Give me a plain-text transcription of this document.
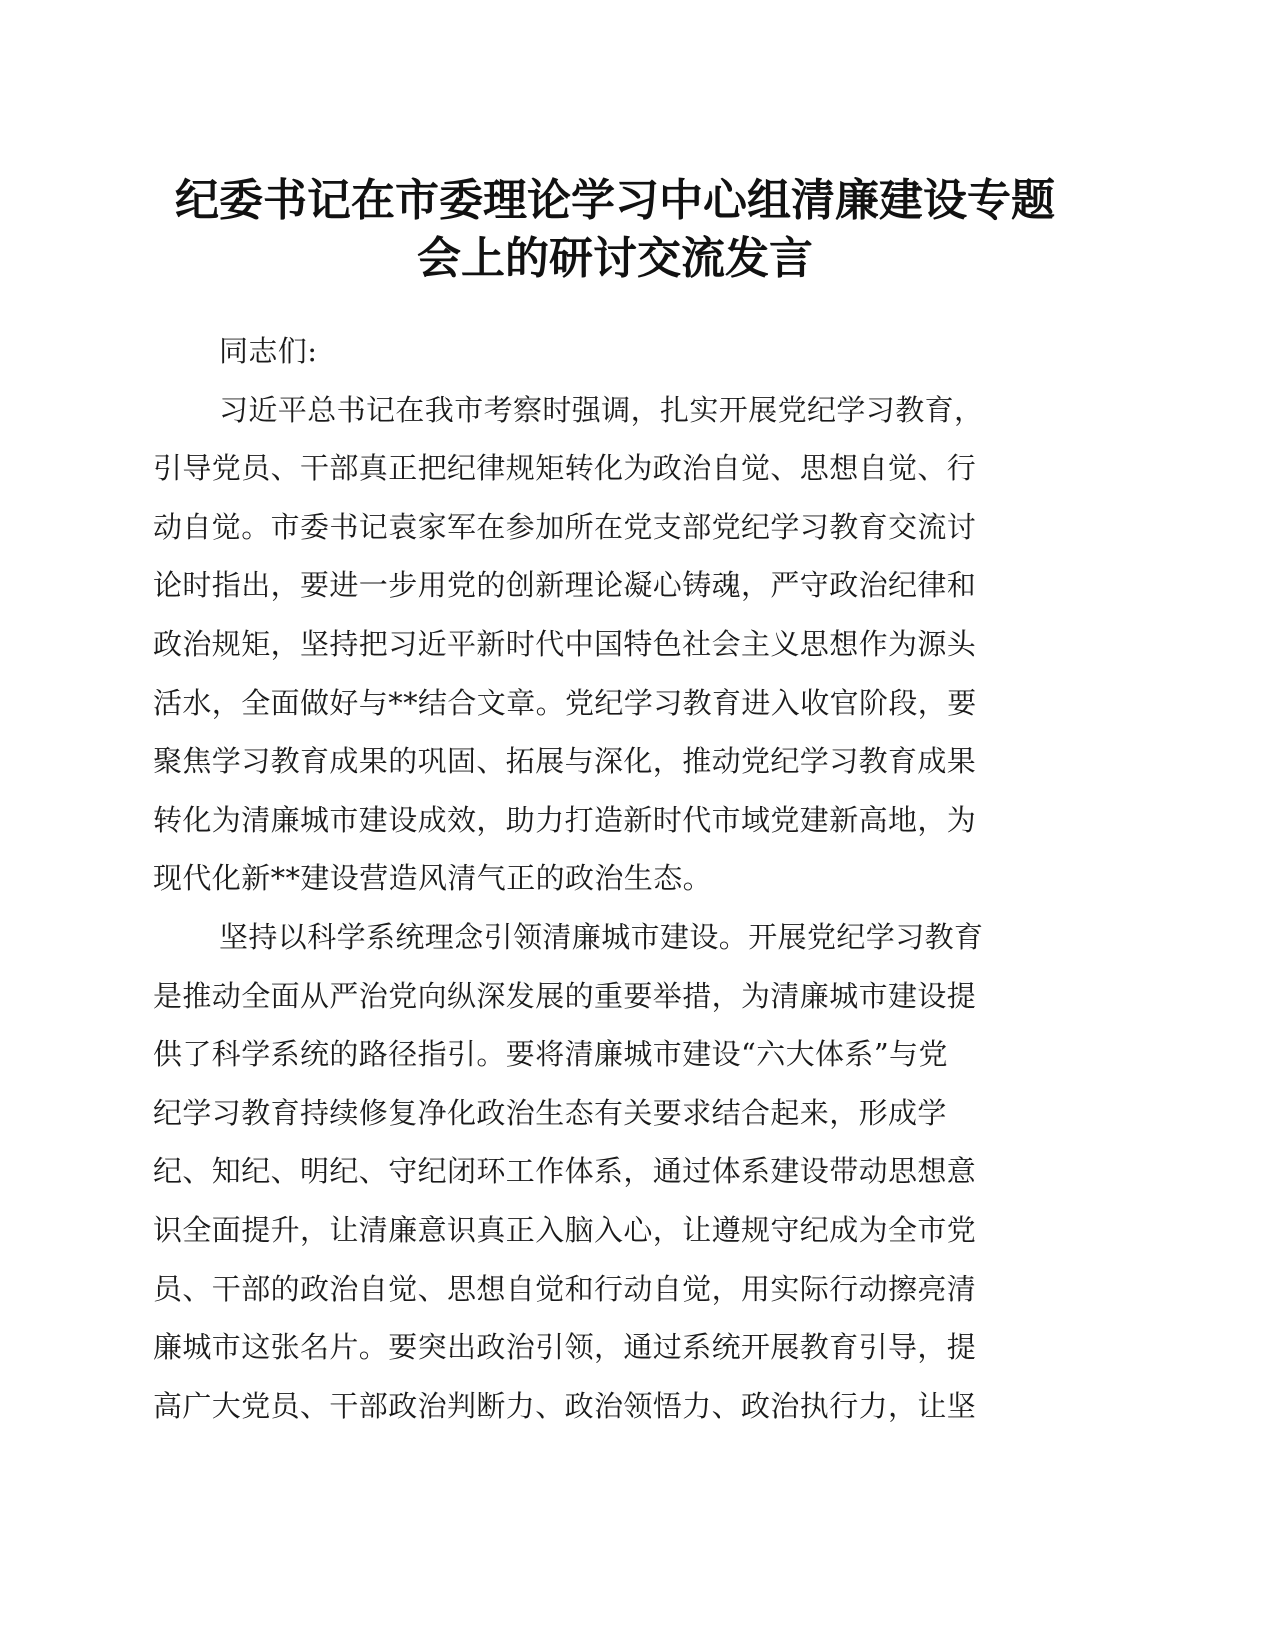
纪委书记在市委理论学习中心组清廉建设专题
会上的研讨交流发言
同志们:
习近平总书记在我市考察时强调，扎实开展党纪学习教育，
引导党员、干部真正把纪律规矩转化为政治自觉、思想自觉、行
动自觉。市委书记袁家军在参加所在党支部党纪学习教育交流讨
论时指出，要进一步用党的创新理论凝心铸魂，严守政治纪律和
政治规矩，坚持把习近平新时代中国特色社会主义思想作为源头
活水，全面做好与**结合文章。党纪学习教育进入收官阶段，要
聚焦学习教育成果的巩固、拓展与深化，推动党纪学习教育成果
转化为清廉城市建设成效，助力打造新时代市域党建新高地，为
现代化新**建设营造风清气正的政治生态。
坚持以科学系统理念引领清廉城市建设。开展党纪学习教育
是推动全面从严治党向纵深发展的重要举措，为清廉城市建设提
供了科学系统的路径指引。要将清廉城市建设“六大体系”与党
纪学习教育持续修复净化政治生态有关要求结合起来，形成学
纪、知纪、明纪、守纪闭环工作体系，通过体系建设带动思想意
识全面提升，让清廉意识真正入脑入心，让遵规守纪成为全市党
员、干部的政治自觉、思想自觉和行动自觉，用实际行动擦亮清
廉城市这张名片。要突出政治引领，通过系统开展教育引导，提
高广大党员、干部政治判断力、政治领悟力、政治执行力，让坚
